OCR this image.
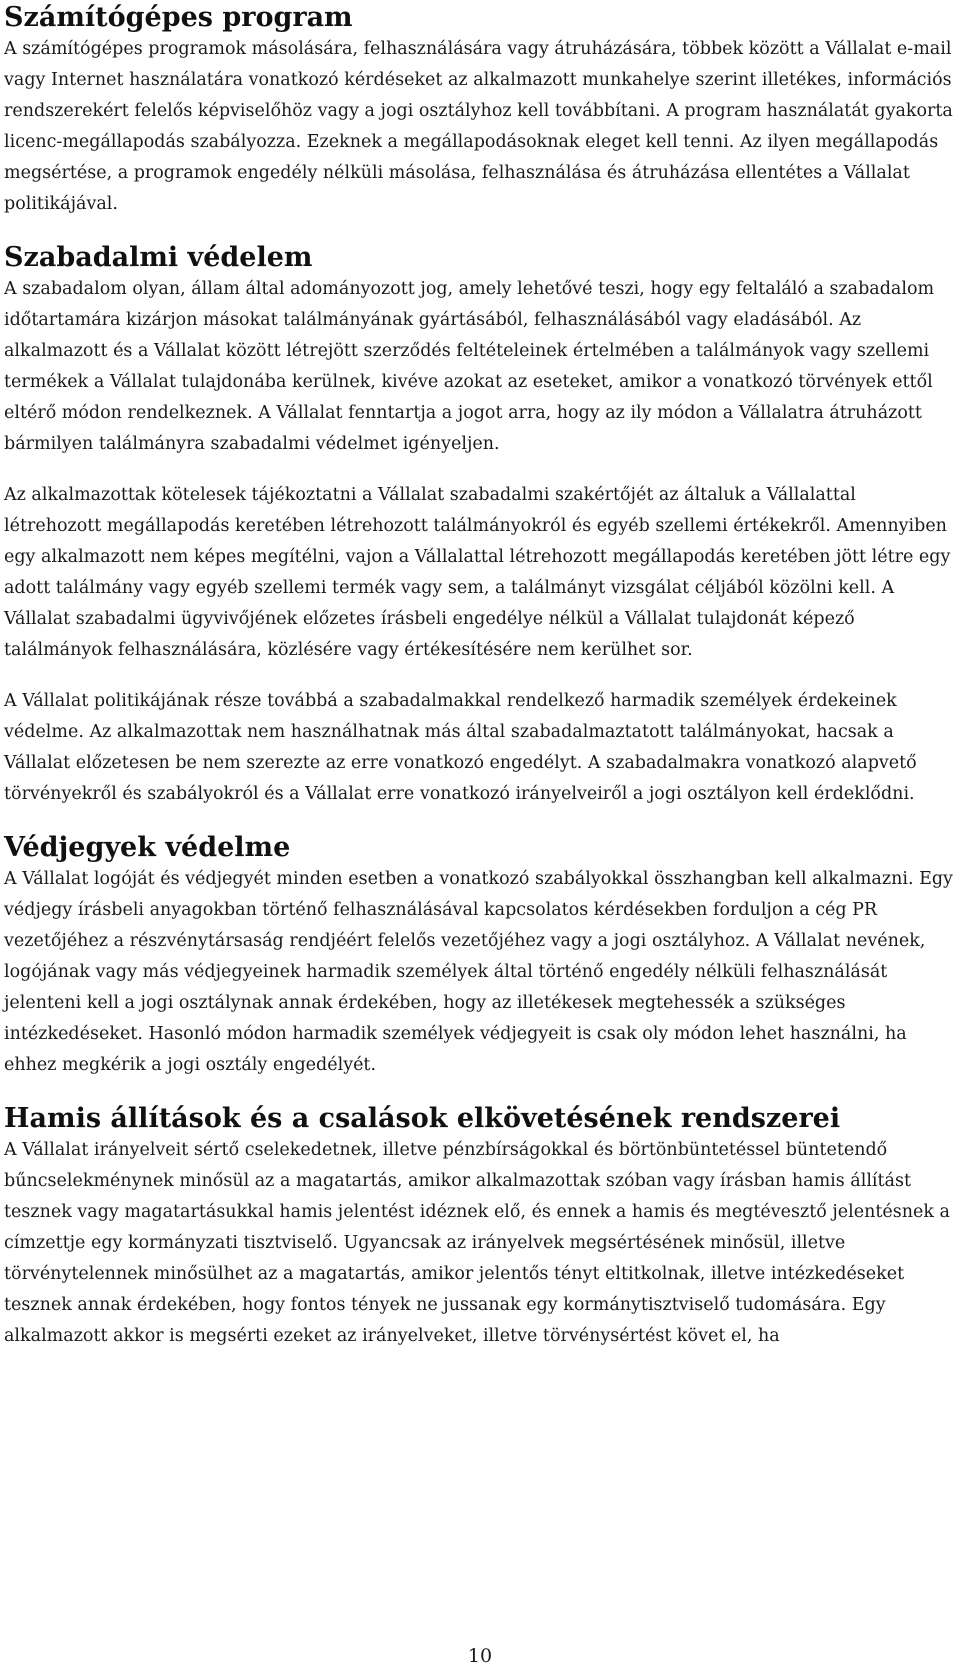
Számítógépes program

A számítógépes programok másolására, felhasználására vagy átruházására, többek között a Vállalat e-mail vagy Internet használatára vonatkozó kérdéseket az alkalmazott munkahelye szerint illetékes, információs rendszerekért felelős képviselőhöz vagy a jogi osztályhoz kell továbbítani. A program használatát gyakorta licenc-megállapodás szabályozza. Ezeknek a megállapodásoknak eleget kell tenni. Az ilyen megállapodás megsértése, a programok engedély nélküli másolása, felhasználása és átruházása ellentétes a Vállalat politikájával.

Szabadalmi védelem

A szabadalom olyan, állam által adományozott jog, amely lehetővé teszi, hogy egy feltaláló a szabadalom időtartamára kizárjon másokat találmányának gyártásából, felhasználásából vagy eladásából. Az alkalmazott és a Vállalat között létrejött szerződés feltételeinek értelmében a találmányok vagy szellemi termékek a Vállalat tulajdonába kerülnek, kivéve azokat az eseteket, amikor a vonatkozó törvények ettől eltérő módon rendelkeznek. A Vállalat fenntartja a jogot arra, hogy az ily módon a Vállalatra átruházott bármilyen találmányra szabadalmi védelmet igényeljen.

Az alkalmazottak kötelesek tájékoztatni a Vállalat szabadalmi szakértőjét az általuk a Vállalattal létrehozott megállapodás keretében létrehozott találmányokról és egyéb szellemi értékekről. Amennyiben egy alkalmazott nem képes megítélni, vajon a Vállalattal létrehozott megállapodás keretében jött létre egy adott találmány vagy egyéb szellemi termék vagy sem, a találmányt vizsgálat céljából közölni kell. A Vállalat szabadalmi ügyvivőjének előzetes írásbeli engedélye nélkül a Vállalat tulajdonát képező találmányok felhasználására, közlésére vagy értékesítésére nem kerülhet sor.

A Vállalat politikájának része továbbá a szabadalmakkal rendelkező harmadik személyek érdekeinek védelme. Az alkalmazottak nem használhatnak más által szabadalmaztatott találmányokat, hacsak a Vállalat előzetesen be nem szerezte az erre vonatkozó engedélyt. A szabadalmakra vonatkozó alapvető törvényekről és szabályokról és a Vállalat erre vonatkozó irányelveiről a jogi osztályon kell érdeklődni.

Védjegyek védelme

A Vállalat logóját és védjegyét minden esetben a vonatkozó szabályokkal összhangban kell alkalmazni. Egy védjegy írásbeli anyagokban történő felhasználásával kapcsolatos kérdésekben forduljon a cég PR vezetőjéhez a részvénytársaság rendjéért felelős vezetőjéhez vagy a jogi osztályhoz. A Vállalat nevének, logójának vagy más védjegyeinek harmadik személyek által történő engedély nélküli felhasználását jelenteni kell a jogi osztálynak annak érdekében, hogy az illetékesek megtehessék a szükséges intézkedéseket. Hasonló módon harmadik személyek védjegyeit is csak oly módon lehet használni, ha ehhez megkérik a jogi osztály engedélyét.

Hamis állítások és a csalások elkövetésének rendszerei

A Vállalat irányelveit sértő cselekedetnek, illetve pénzbírságokkal és börtönbüntetéssel büntetendő bűncselekménynek minősül az a magatartás, amikor alkalmazottak szóban vagy írásban hamis állítást tesznek vagy magatartásukkal hamis jelentést idéznek elő, és ennek a hamis és megtévesztő jelentésnek a címzettje egy kormányzati tisztviselő. Ugyancsak az irányelvek megsértésének minősül, illetve törvénytelennek minősülhet az a magatartás, amikor jelentős tényt eltitkolnak, illetve intézkedéseket tesznek annak érdekében, hogy fontos tények ne jussanak egy kormánytisztviselő tudomására. Egy alkalmazott akkor is megsérti ezeket az irányelveket, illetve törvénysértést követ el, ha

10
